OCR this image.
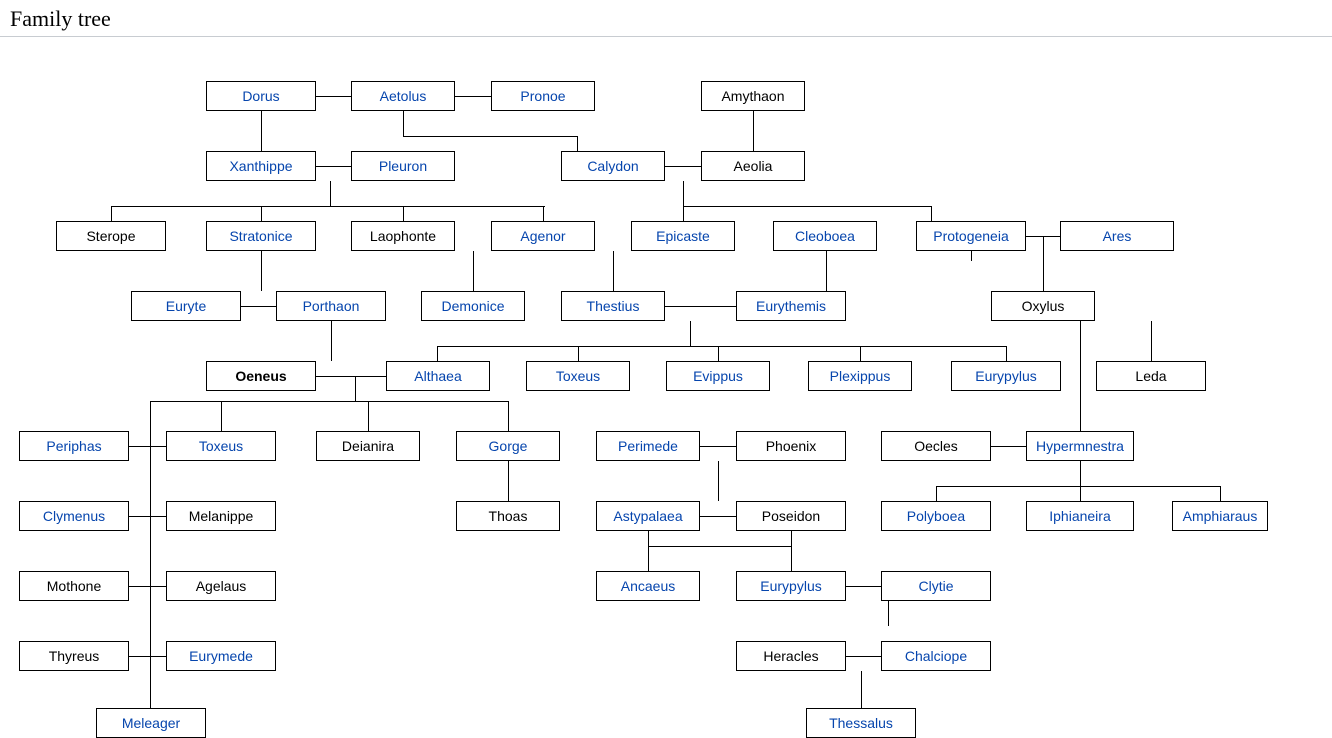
Family tree
Dorus	Aetolus	Pronoe	Amythaon
Xanthippe	Pleuron	Calydon	Aeolia
Sterope	Stratonice	Laophonte	Agenor	Epicaste	Cleoboea	Protogeneia	Ares
Euryte	Porthaon	Demonice	Thestius	Eurythemis	Oxylus
Oeneus	Althaea	Toxeus	Evippus	Plexippus	Eurypylus	Leda
Periphas	Toxeus	Deianira	Gorge	Perimede	Phoenix	Oecles	Hypermnestra
Clymenus	Melanippe	Thoas	Astypalaea	Poseidon	Polyboea	Iphianeira	Amphiaraus
Mothone	Agelaus	Ancaeus	Eurypylus	Clytie
Thyreus	Eurymede	Heracles	Chalciope
Meleager	Thessalus
